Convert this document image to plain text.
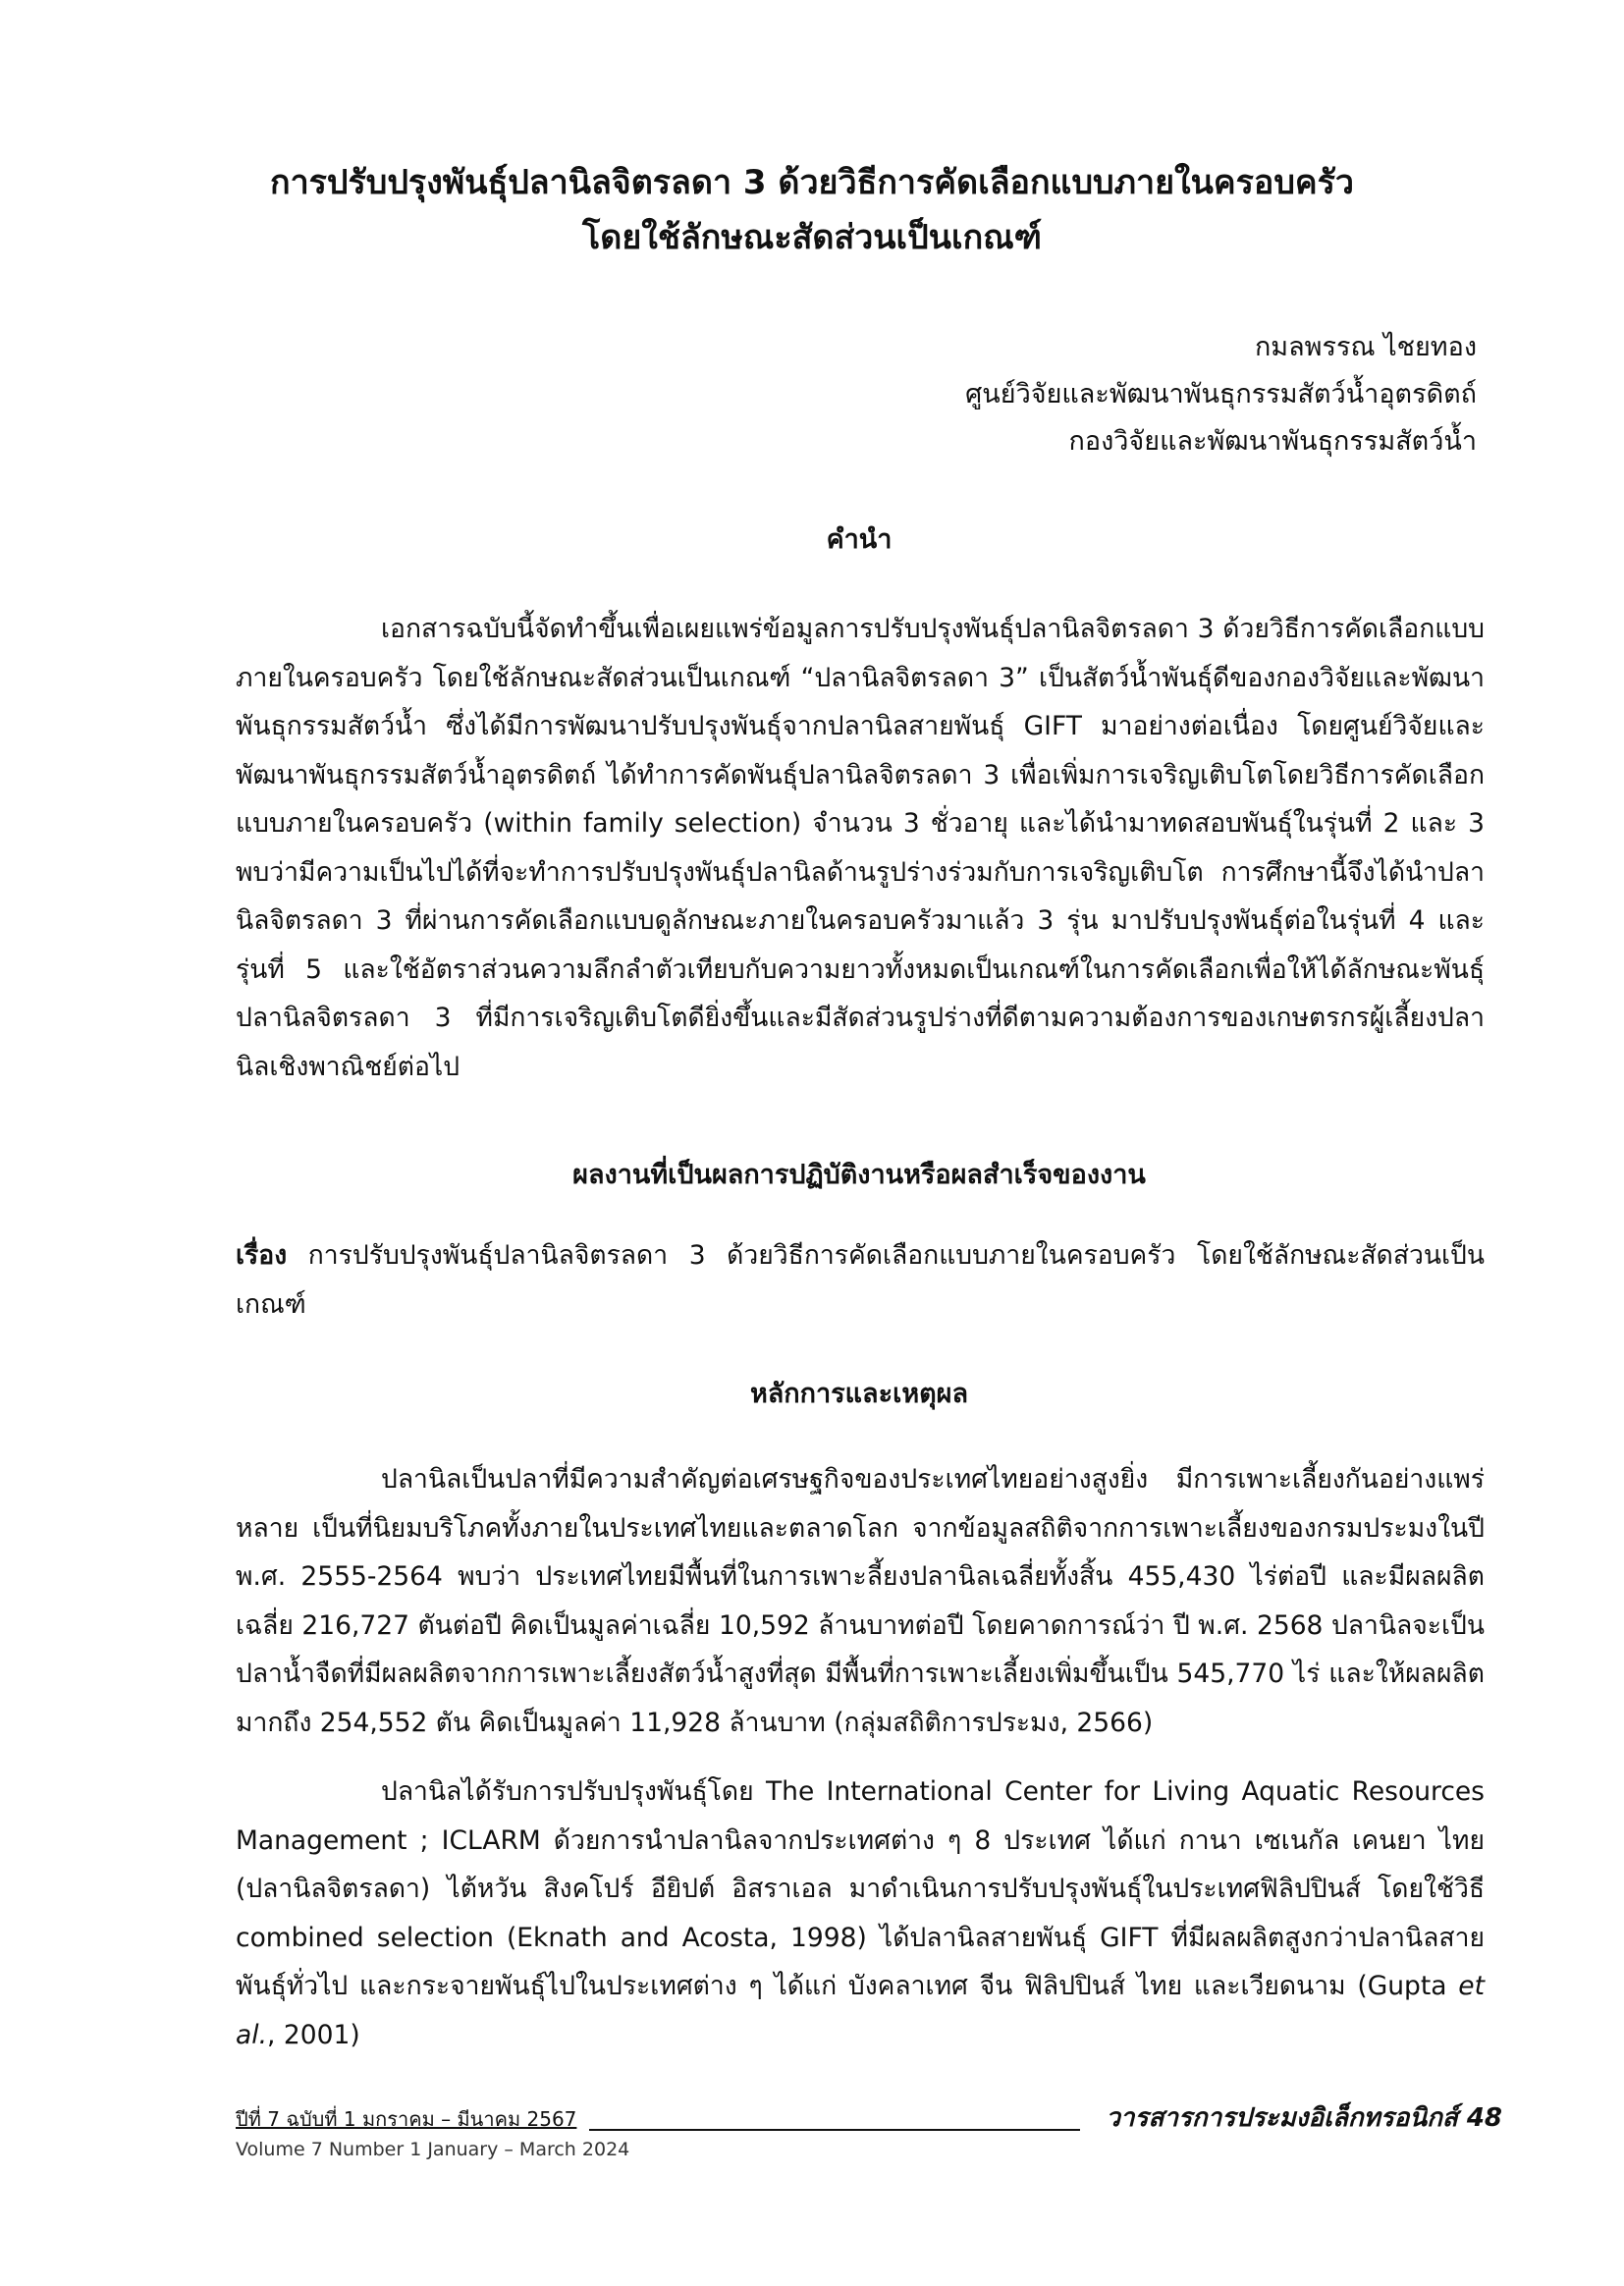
การปรับปรุงพันธุ์ปลานิลจิตรลดา 3 ด้วยวิธีการคัดเลือกแบบภายในครอบครัว
โดยใช้ลักษณะสัดส่วนเป็นเกณฑ์
กมลพรรณ ไชยทอง
ศูนย์วิจัยและพัฒนาพันธุกรรมสัตว์น้ำอุตรดิตถ์
กองวิจัยและพัฒนาพันธุกรรมสัตว์น้ำ
คำนำ

เอกสารฉบับนี้จัดทำขึ้นเพื่อเผยแพร่ข้อมูลการปรับปรุงพันธุ์ปลานิลจิตรลดา 3 ด้วยวิธีการคัดเลือกแบบภายในครอบครัว โดยใช้ลักษณะสัดส่วนเป็นเกณฑ์ “ปลานิลจิตรลดา 3” เป็นสัตว์น้ำพันธุ์ดีของกองวิจัยและพัฒนาพันธุกรรมสัตว์น้ำ ซึ่งได้มีการพัฒนาปรับปรุงพันธุ์จากปลานิลสายพันธุ์ GIFT มาอย่างต่อเนื่อง โดยศูนย์วิจัยและพัฒนาพันธุกรรมสัตว์น้ำอุตรดิตถ์ ได้ทำการคัดพันธุ์ปลานิลจิตรลดา 3 เพื่อเพิ่มการเจริญเติบโตโดยวิธีการคัดเลือกแบบภายในครอบครัว (within family selection) จำนวน 3 ชั่วอายุ และได้นำมาทดสอบพันธุ์ในรุ่นที่ 2 และ 3 พบว่ามีความเป็นไปได้ที่จะทำการปรับปรุงพันธุ์ปลานิลด้านรูปร่างร่วมกับการเจริญเติบโต การศึกษานี้จึงได้นำปลานิลจิตรลดา 3 ที่ผ่านการคัดเลือกแบบดูลักษณะภายในครอบครัวมาแล้ว 3 รุ่น มาปรับปรุงพันธุ์ต่อในรุ่นที่ 4 และรุ่นที่ 5 และใช้อัตราส่วนความลึกลำตัวเทียบกับความยาวทั้งหมดเป็นเกณฑ์ในการคัดเลือกเพื่อให้ได้ลักษณะพันธุ์ปลานิลจิตรลดา 3 ที่มีการเจริญเติบโตดียิ่งขึ้นและมีสัดส่วนรูปร่างที่ดีตามความต้องการของเกษตรกรผู้เลี้ยงปลานิลเชิงพาณิชย์ต่อไป

ผลงานที่เป็นผลการปฏิบัติงานหรือผลสำเร็จของงาน

เรื่อง การปรับปรุงพันธุ์ปลานิลจิตรลดา 3 ด้วยวิธีการคัดเลือกแบบภายในครอบครัว โดยใช้ลักษณะสัดส่วนเป็นเกณฑ์

หลักการและเหตุผล

ปลานิลเป็นปลาที่มีความสำคัญต่อเศรษฐกิจของประเทศไทยอย่างสูงยิ่ง มีการเพาะเลี้ยงกันอย่างแพร่หลาย เป็นที่นิยมบริโภคทั้งภายในประเทศไทยและตลาดโลก จากข้อมูลสถิติจากการเพาะเลี้ยงของกรมประมงในปี พ.ศ. 2555-2564 พบว่า ประเทศไทยมีพื้นที่ในการเพาะลี้ยงปลานิลเฉลี่ยทั้งสิ้น 455,430 ไร่ต่อปี และมีผลผลิตเฉลี่ย 216,727 ตันต่อปี คิดเป็นมูลค่าเฉลี่ย 10,592 ล้านบาทต่อปี โดยคาดการณ์ว่า ปี พ.ศ. 2568 ปลานิลจะเป็นปลาน้ำจืดที่มีผลผลิตจากการเพาะเลี้ยงสัตว์น้ำสูงที่สุด มีพื้นที่การเพาะเลี้ยงเพิ่มขึ้นเป็น 545,770 ไร่ และให้ผลผลิตมากถึง 254,552 ตัน คิดเป็นมูลค่า 11,928 ล้านบาท (กลุ่มสถิติการประมง, 2566)

ปลานิลได้รับการปรับปรุงพันธุ์โดย The International Center for Living Aquatic Resources Management ; ICLARM ด้วยการนำปลานิลจากประเทศต่าง ๆ 8 ประเทศ ได้แก่ กานา เซเนกัล เคนยา ไทย (ปลานิลจิตรลดา) ไต้หวัน สิงคโปร์ อียิปต์ อิสราเอล มาดำเนินการปรับปรุงพันธุ์ในประเทศฟิลิปปินส์ โดยใช้วิธี combined selection (Eknath and Acosta, 1998) ได้ปลานิลสายพันธุ์ GIFT ที่มีผลผลิตสูงกว่าปลานิลสายพันธุ์ทั่วไป และกระจายพันธุ์ไปในประเทศต่าง ๆ ได้แก่ บังคลาเทศ จีน ฟิลิปปินส์ ไทย และเวียดนาม (Gupta et al., 2001)

ปีที่ 7 ฉบับที่ 1 มกราคม – มีนาคม 2567
Volume 7 Number 1 January – March 2024
วารสารการประมงอิเล็กทรอนิกส์ 48
